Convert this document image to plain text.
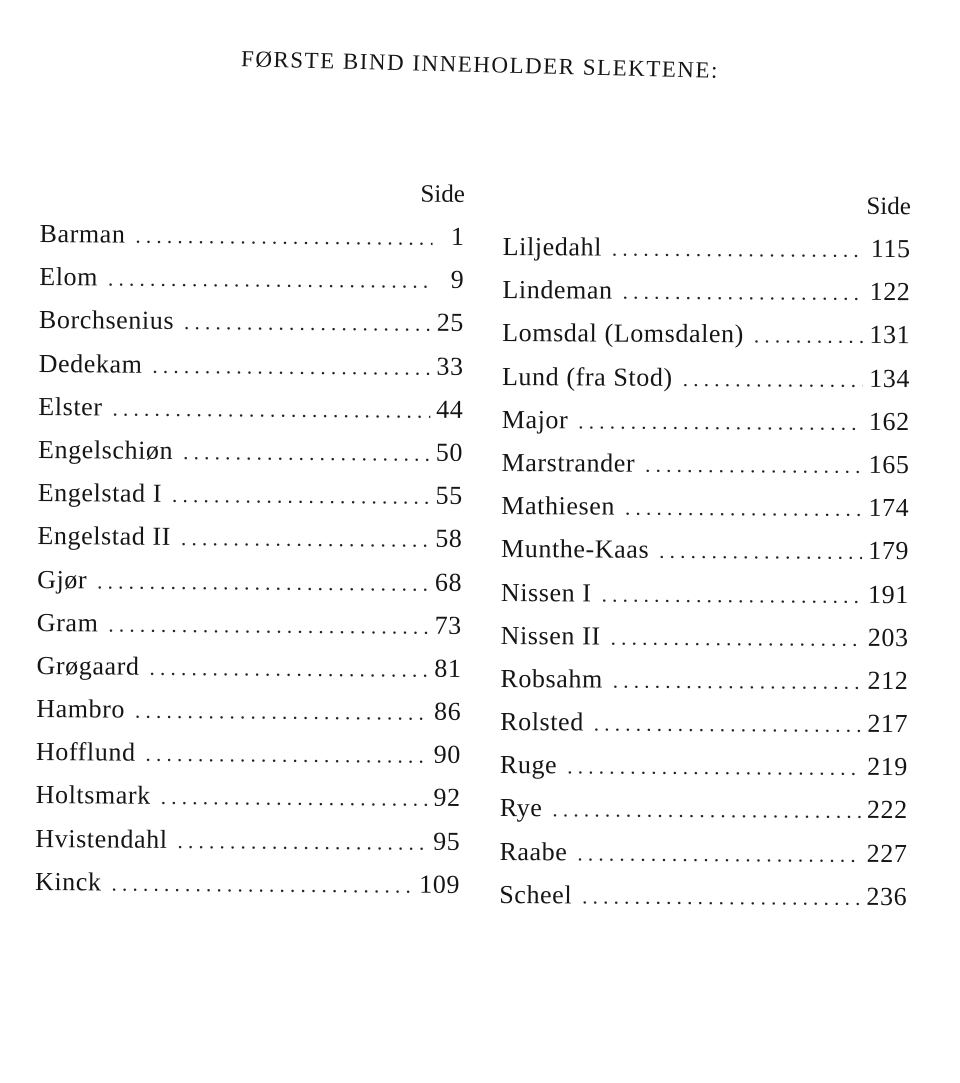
FØRSTE BIND INNEHOLDER SLEKTENE:
Side
Barman . . .	1
Elom . . .	9
Borchsenius . . .	25
Dedekam . . .	33
Elster . . .	44
Engelschiøn . . .	50
Engelstad I . . .	55
Engelstad II . . .	58
Gjør . . .	68
Gram . . .	73
Grøgaard . . .	81
Hambro . . .	86
Hofflund . . .	90
Holtsmark . . .	92
Hvistendahl . . .	95
Kinck . . .	109
Side
Liljedahl . . .	115
Lindeman . . .	122
Lomsdal (Lomsdalen) . . .	131
Lund (fra Stod) . . .	134
Major . . .	162
Marstrander . . .	165
Mathiesen . . .	174
Munthe-Kaas . . .	179
Nissen I . . .	191
Nissen II . . .	203
Robsahm . . .	212
Rolsted . . .	217
Ruge . . .	219
Rye . . .	222
Raabe . . .	227
Scheel . . .	236
